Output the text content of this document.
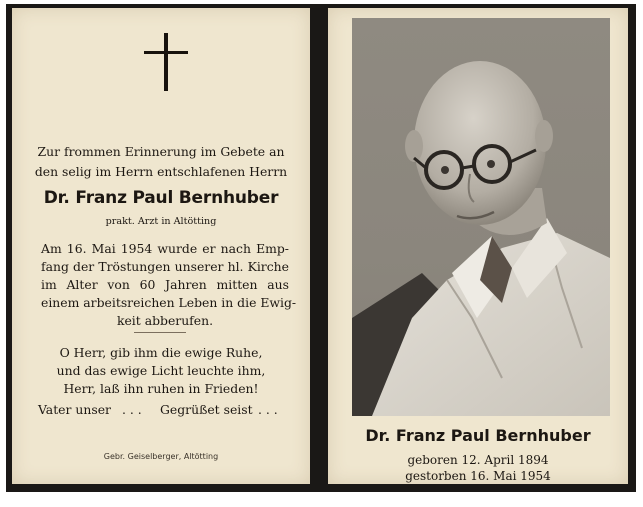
Zur frommen Erinnerung im Gebete an
den selig im Herrn entschlafenen Herrn
Dr. Franz Paul Bernhuber
prakt. Arzt in Altötting
Am 16. Mai 1954 wurde er nach Emp-
fang der Tröstungen unserer hl. Kirche
im Alter von 60 Jahren mitten aus
einem arbeitsreichen Leben in die Ewig-
keit abberufen.
O Herr, gib ihm die ewige Ruhe,
und das ewige Licht leuchte ihm,
Herr, laß ihn ruhen in Frieden!
Vater unser . . . Gegrüßet seist . . .
Gebr. Geiselberger, Altötting
Dr. Franz Paul Bernhuber
geboren 12. April 1894
gestorben 16. Mai 1954
